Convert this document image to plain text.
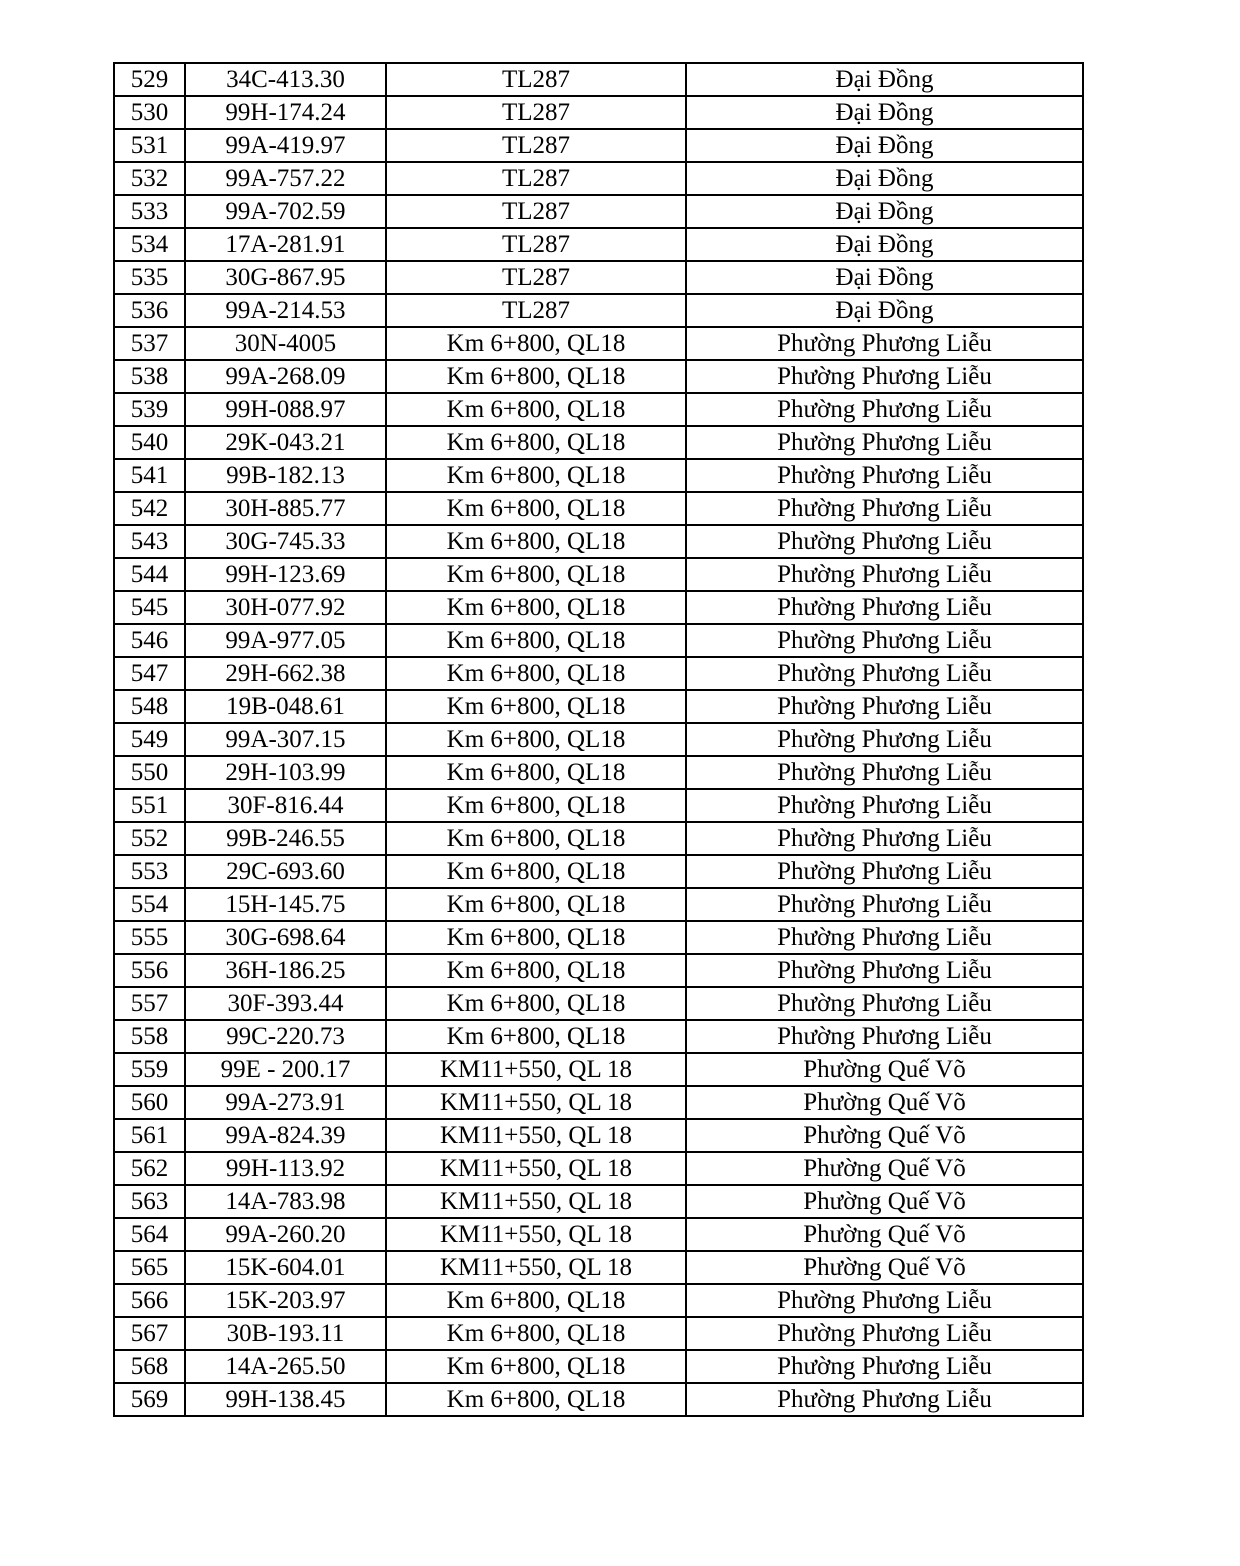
529	34C-413.30	TL287	Đại Đồng
530	99H-174.24	TL287	Đại Đồng
531	99A-419.97	TL287	Đại Đồng
532	99A-757.22	TL287	Đại Đồng
533	99A-702.59	TL287	Đại Đồng
534	17A-281.91	TL287	Đại Đồng
535	30G-867.95	TL287	Đại Đồng
536	99A-214.53	TL287	Đại Đồng
537	30N-4005	Km 6+800, QL18	Phường Phương Liễu
538	99A-268.09	Km 6+800, QL18	Phường Phương Liễu
539	99H-088.97	Km 6+800, QL18	Phường Phương Liễu
540	29K-043.21	Km 6+800, QL18	Phường Phương Liễu
541	99B-182.13	Km 6+800, QL18	Phường Phương Liễu
542	30H-885.77	Km 6+800, QL18	Phường Phương Liễu
543	30G-745.33	Km 6+800, QL18	Phường Phương Liễu
544	99H-123.69	Km 6+800, QL18	Phường Phương Liễu
545	30H-077.92	Km 6+800, QL18	Phường Phương Liễu
546	99A-977.05	Km 6+800, QL18	Phường Phương Liễu
547	29H-662.38	Km 6+800, QL18	Phường Phương Liễu
548	19B-048.61	Km 6+800, QL18	Phường Phương Liễu
549	99A-307.15	Km 6+800, QL18	Phường Phương Liễu
550	29H-103.99	Km 6+800, QL18	Phường Phương Liễu
551	30F-816.44	Km 6+800, QL18	Phường Phương Liễu
552	99B-246.55	Km 6+800, QL18	Phường Phương Liễu
553	29C-693.60	Km 6+800, QL18	Phường Phương Liễu
554	15H-145.75	Km 6+800, QL18	Phường Phương Liễu
555	30G-698.64	Km 6+800, QL18	Phường Phương Liễu
556	36H-186.25	Km 6+800, QL18	Phường Phương Liễu
557	30F-393.44	Km 6+800, QL18	Phường Phương Liễu
558	99C-220.73	Km 6+800, QL18	Phường Phương Liễu
559	99E - 200.17	KM11+550, QL 18	Phường Quế Võ
560	99A-273.91	KM11+550, QL 18	Phường Quế Võ
561	99A-824.39	KM11+550, QL 18	Phường Quế Võ
562	99H-113.92	KM11+550, QL 18	Phường Quế Võ
563	14A-783.98	KM11+550, QL 18	Phường Quế Võ
564	99A-260.20	KM11+550, QL 18	Phường Quế Võ
565	15K-604.01	KM11+550, QL 18	Phường Quế Võ
566	15K-203.97	Km 6+800, QL18	Phường Phương Liễu
567	30B-193.11	Km 6+800, QL18	Phường Phương Liễu
568	14A-265.50	Km 6+800, QL18	Phường Phương Liễu
569	99H-138.45	Km 6+800, QL18	Phường Phương Liễu
